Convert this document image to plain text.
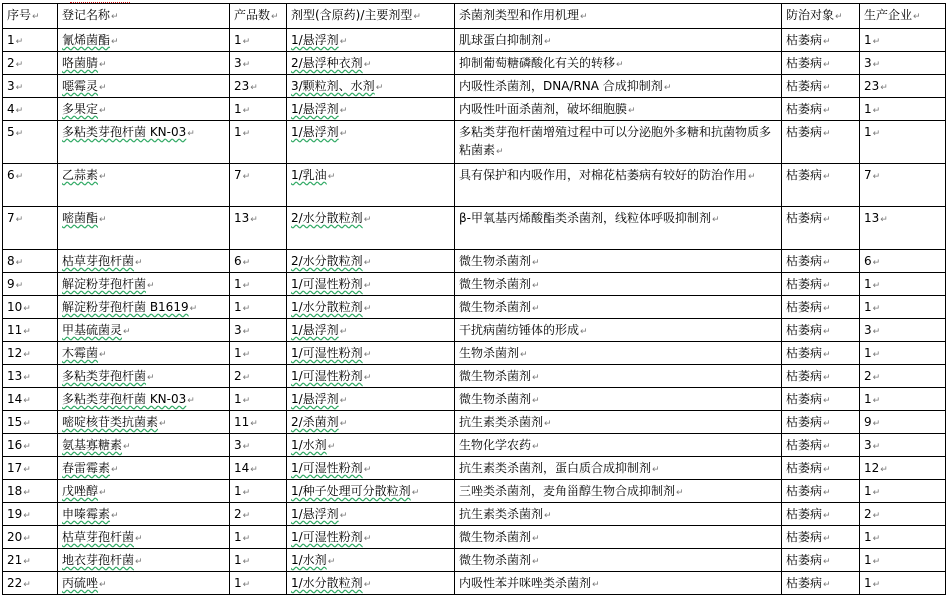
序号↵	登记名称↵	产品数↵	剂型(含原药)/主要剂型↵	杀菌剂类型和作用机理↵	防治对象↵	生产企业↵
1↵	氰烯菌酯↵	1↵	1/悬浮剂↵	肌球蛋白抑制剂↵	枯萎病↵	1↵
2↵	咯菌腈↵	3↵	2/悬浮种衣剂↵	抑制葡萄糖磷酸化有关的转移↵	枯萎病↵	3↵
3↵	噁霉灵↵	23↵	3/颗粒剂、水剂↵	内吸性杀菌剂，DNA/RNA 合成抑制剂↵	枯萎病↵	23↵
4↵	多果定↵	1↵	1/悬浮剂↵	内吸性叶面杀菌剂，破坏细胞膜↵	枯萎病↵	1↵
5↵	多粘类芽孢杆菌 KN-03↵	1↵	1/悬浮剂↵	多粘类芽孢杆菌增殖过程中可以分泌胞外多糖和抗菌物质多粘菌素↵	枯萎病↵	1↵
6↵	乙蒜素↵	7↵	1/乳油↵	具有保护和内吸作用，对棉花枯萎病有较好的防治作用↵	枯萎病↵	7↵
7↵	嘧菌酯↵	13↵	2/水分散粒剂↵	β-甲氧基丙烯酸酯类杀菌剂，线粒体呼吸抑制剂↵	枯萎病↵	13↵
8↵	枯草芽孢杆菌↵	6↵	2/水分散粒剂↵	微生物杀菌剂↵	枯萎病↵	6↵
9↵	解淀粉芽孢杆菌↵	1↵	1/可湿性粉剂↵	微生物杀菌剂↵	枯萎病↵	1↵
10↵	解淀粉芽孢杆菌 B1619↵	1↵	1/水分散粒剂↵	微生物杀菌剂↵	枯萎病↵	1↵
11↵	甲基硫菌灵↵	3↵	1/悬浮剂↵	干扰病菌纺锤体的形成↵	枯萎病↵	3↵
12↵	木霉菌↵	1↵	1/可湿性粉剂↵	生物杀菌剂↵	枯萎病↵	1↵
13↵	多粘类芽孢杆菌↵	2↵	1/可湿性粉剂↵	微生物杀菌剂↵	枯萎病↵	2↵
14↵	多粘类芽孢杆菌 KN-03↵	1↵	1/悬浮剂↵	微生物杀菌剂↵	枯萎病↵	1↵
15↵	嘧啶核苷类抗菌素↵	11↵	2/杀菌剂↵	抗生素类杀菌剂↵	枯萎病↵	9↵
16↵	氨基寡糖素↵	3↵	1/水剂↵	生物化学农药↵	枯萎病↵	3↵
17↵	春雷霉素↵	14↵	1/可湿性粉剂↵	抗生素类杀菌剂，蛋白质合成抑制剂↵	枯萎病↵	12↵
18↵	戊唑醇↵	1↵	1/种子处理可分散粒剂↵	三唑类杀菌剂，麦角甾醇生物合成抑制剂↵	枯萎病↵	1↵
19↵	申嗪霉素↵	2↵	1/悬浮剂↵	抗生素类杀菌剂↵	枯萎病↵	2↵
20↵	枯草芽孢杆菌↵	1↵	1/可湿性粉剂↵	微生物杀菌剂↵	枯萎病↵	1↵
21↵	地衣芽孢杆菌↵	1↵	1/水剂↵	微生物杀菌剂↵	枯萎病↵	1↵
22↵	丙硫唑↵	1↵	1/水分散粒剂↵	内吸性苯并咪唑类杀菌剂↵	枯萎病↵	1↵
